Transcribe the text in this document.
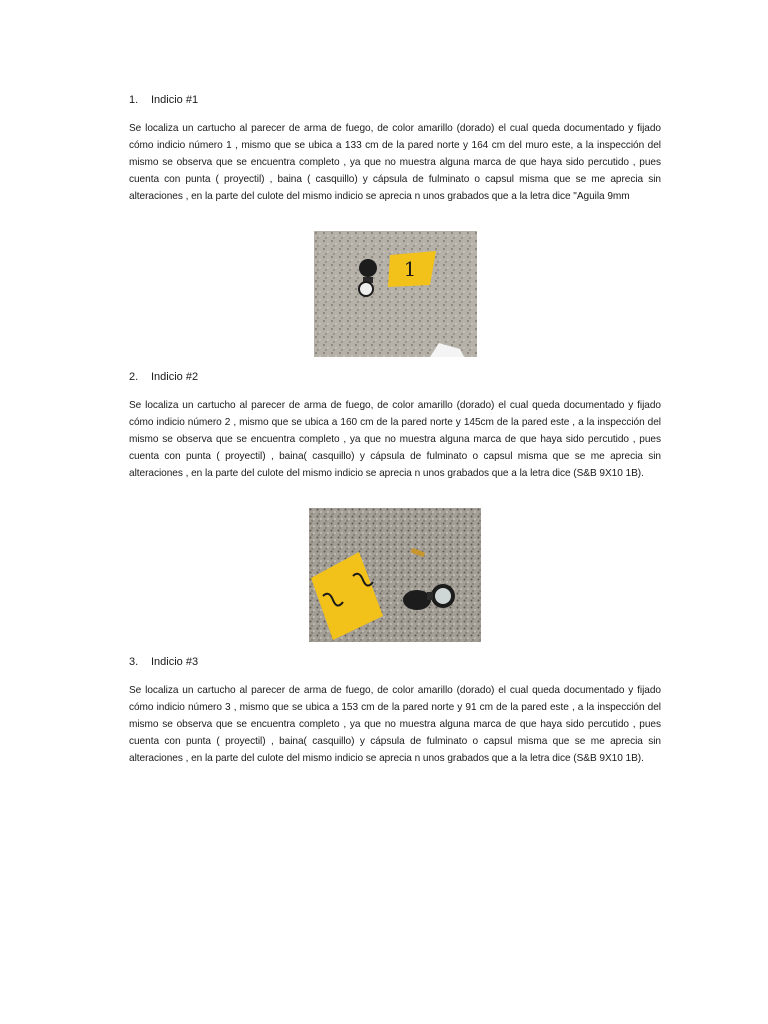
1.	Indicio #1

Se localiza un cartucho al parecer de arma de fuego, de color amarillo (dorado) el cual queda documentado y fijado cómo indicio número 1 , mismo que se ubica a 133 cm de la pared norte y 164 cm del muro este, a la inspección del mismo se observa que se encuentra completo , ya que no muestra alguna marca de que haya sido percutido , pues cuenta con punta ( proyectil) , baina ( casquillo) y cápsula de fulminato o capsul misma que se me aprecia sin alteraciones , en la parte del culote del mismo indicio se aprecia n unos grabados que a la letra dice "Aguila 9mm

1
2.	Indicio #2

Se localiza un cartucho al parecer de arma de fuego, de color amarillo (dorado) el cual queda documentado y fijado cómo indicio número 2 , mismo que se ubica a 160 cm de la pared norte y 145cm de la pared este , a la inspección del mismo se observa que se encuentra completo , ya que no muestra alguna marca de que haya sido percutido , pues cuenta con punta ( proyectil) , baina( casquillo) y cápsula de fulminato o capsul misma que se me aprecia sin alteraciones , en la parte del culote del mismo indicio se aprecia n unos grabados que a la letra dice (S&B 9X10 1B).

2
3.	Indicio #3

Se localiza un cartucho al parecer de arma de fuego, de color amarillo (dorado) el cual queda documentado y fijado cómo indicio número 3 , mismo que se ubica a 153 cm de la pared norte y 91 cm de la pared este , a la inspección del mismo se observa que se encuentra completo , ya que no muestra alguna marca de que haya sido percutido , pues cuenta con punta ( proyectil) , baina( casquillo) y cápsula de fulminato o capsul misma que se me aprecia sin alteraciones , en la parte del culote del mismo indicio se aprecia n unos grabados que a la letra dice (S&B 9X10 1B).
